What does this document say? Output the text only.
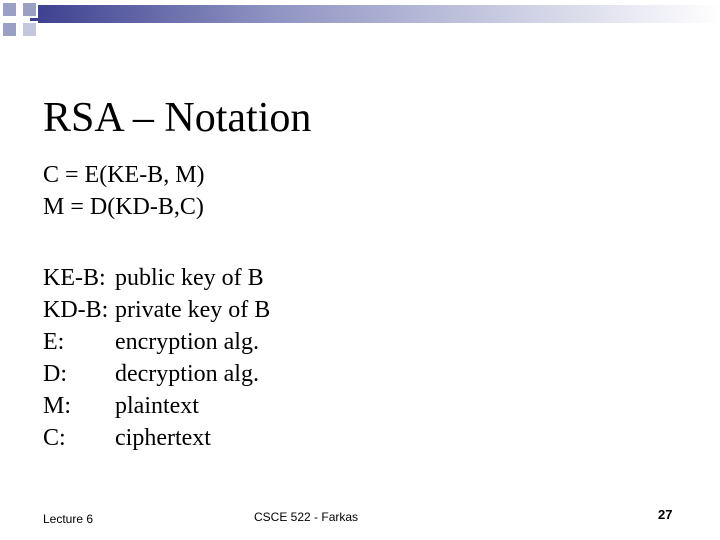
RSA – Notation
C = E(KE-B, M)
M = D(KD-B,C)
KE-B: public key of B
KD-B: private key of B
E: encryption alg.
D: decryption alg.
M: plaintext
C: ciphertext
Lecture 6	CSCE 522 - Farkas	27
